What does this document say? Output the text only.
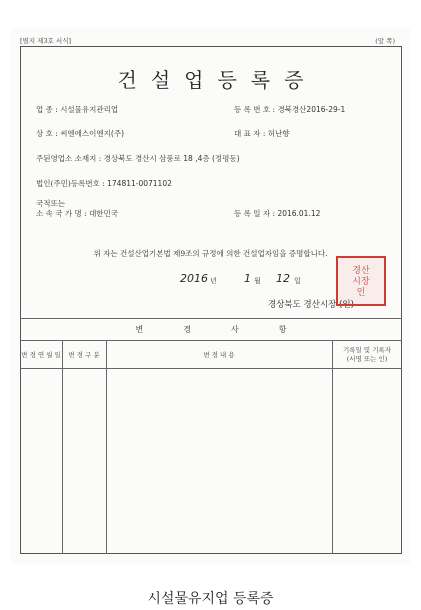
[별지 제3호 서식]	(앞 쪽)
건설업등록증
업 종 : 시설물유지관리업	등 록 번 호 : 경북경산2016-29-1
상 호 : 씨엔에스이엔지(주)	대 표 자 : 허난향
주된영업소 소재지 : 경상북도 경산시 삼풍로 18 ,4층 (정평동)
법인(주민)등록번호 : 174811-0071102
국적또는
소 속 국 가 명 : 대한민국	등 록 일 자 : 2016.01.12
위 자는 건설산업기본법 제9조의 규정에 의한 건설업자임을 증명합니다.
2016 년 1 월 12 일
경상북도 경산시장 (인)
경산
시장
인
변경사항
변 경 연 월 일	변 경 구 분	변 경 내 용
기록일 및 기록자
(서명 또는 인)
시설물유지업 등록증
